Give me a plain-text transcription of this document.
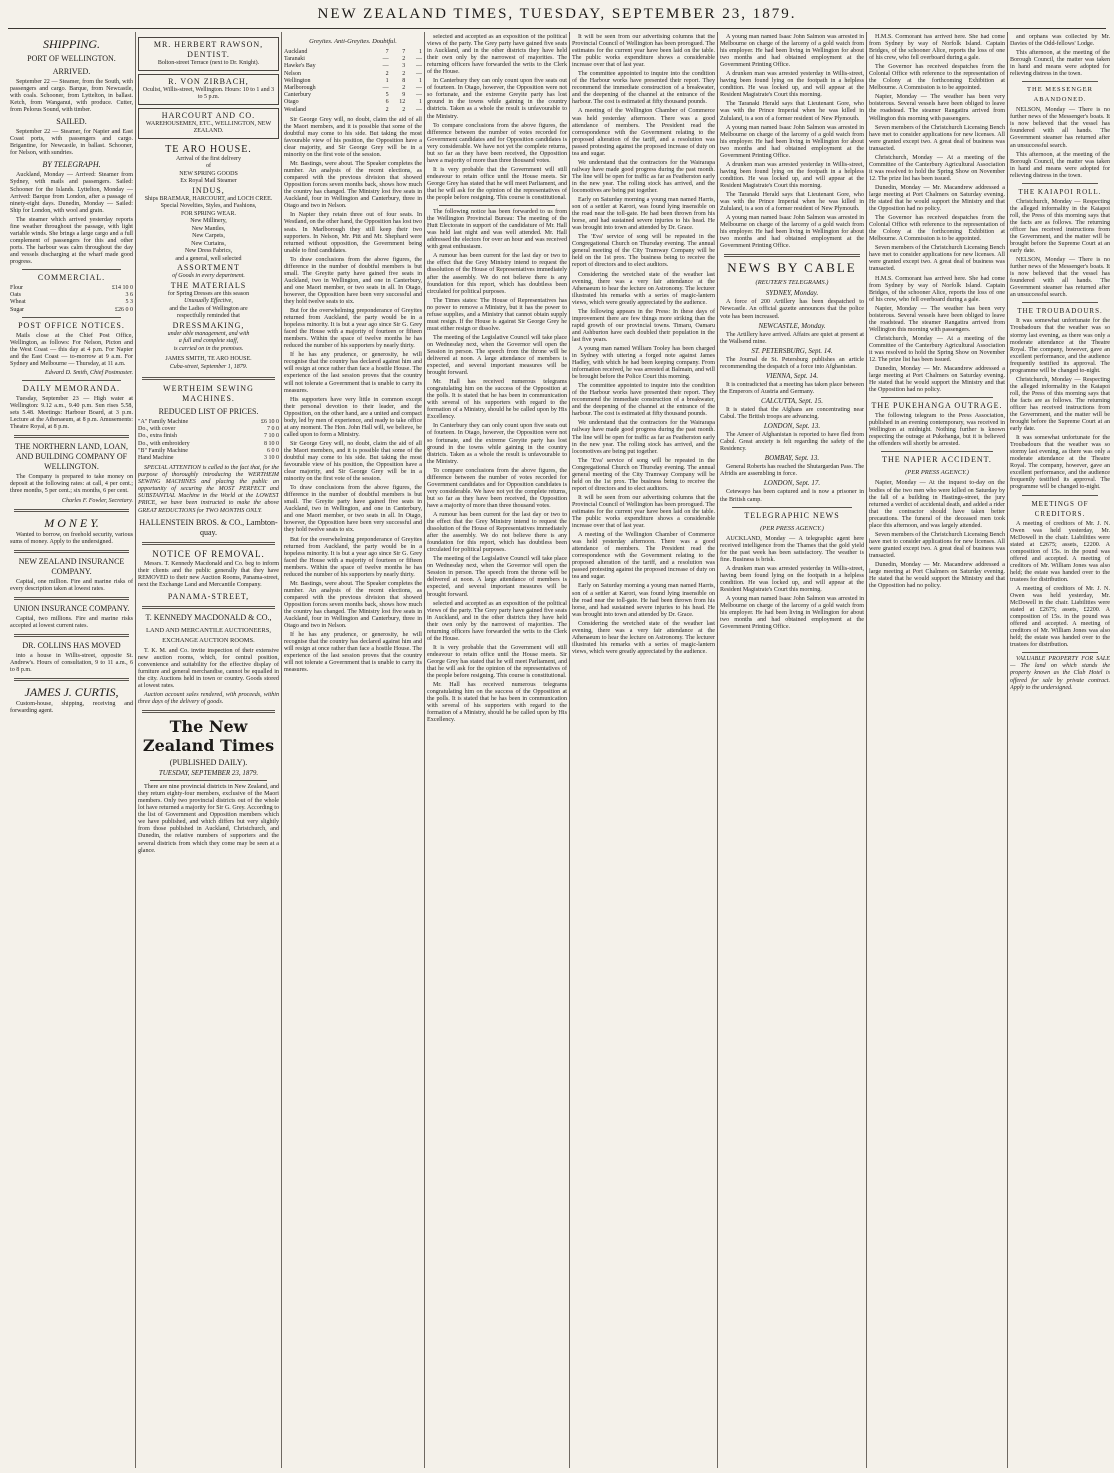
NEW ZEALAND TIMES, TUESDAY, SEPTEMBER 23, 1879.
SHIPPING.
PORT OF WELLINGTON.
ARRIVED.

September 22 — Steamer, from the South, with passengers and cargo. Barque, from Newcastle, with coals. Schooner, from Lyttelton, in ballast. Ketch, from Wanganui, with produce. Cutter, from Pelorus Sound, with timber.

SAILED.

September 22 — Steamer, for Napier and East Coast ports, with passengers and cargo. Brigantine, for Newcastle, in ballast. Schooner, for Nelson, with sundries.

BY TELEGRAPH.

Auckland, Monday — Arrived: Steamer from Sydney, with mails and passengers. Sailed: Schooner for the Islands. Lyttelton, Monday — Arrived: Barque from London, after a passage of ninety-eight days. Dunedin, Monday — Sailed: Ship for London, with wool and grain.

The steamer which arrived yesterday reports fine weather throughout the passage, with light variable winds. She brings a large cargo and a full complement of passengers for this and other ports. The harbour was calm throughout the day and vessels discharging at the wharf made good progress.

COMMERCIAL.
Flour	£14 10 0
Oats	3 6
Wheat	5 3
Sugar	£26 0 0
POST OFFICE NOTICES.

Mails close at the Chief Post Office, Wellington, as follows: For Nelson, Picton and the West Coast — this day at 4 p.m. For Napier and the East Coast — to-morrow at 9 a.m. For Sydney and Melbourne — Thursday, at 11 a.m.

Edward D. Smith, Chief Postmaster.
DAILY MEMORANDA.

Tuesday, September 23 — High water at Wellington: 9.12 a.m., 9.40 p.m. Sun rises 5.58, sets 5.48. Meetings: Harbour Board, at 3 p.m. Lecture at the Athenaeum, at 8 p.m. Amusements: Theatre Royal, at 8 p.m.

THE NORTHERN LAND, LOAN, AND BUILDING COMPANY OF WELLINGTON.

The Company is prepared to take money on deposit at the following rates: at call, 4 per cent.; three months, 5 per cent.; six months, 6 per cent.

Charles F. Fowler, Secretary.
M O N E Y.

Wanted to borrow, on freehold security, various sums of money. Apply to the undersigned.

NEW ZEALAND INSURANCE COMPANY.

Capital, one million. Fire and marine risks of every description taken at lowest rates.

UNION INSURANCE COMPANY.

Capital, two millions. Fire and marine risks accepted at lowest current rates.

DR. COLLINS HAS MOVED

into a house in Willis-street, opposite St. Andrew's. Hours of consultation, 9 to 11 a.m., 6 to 8 p.m.

JAMES J. CURTIS,

Custom-house, shipping, receiving and forwarding agent.

MR. HERBERT RAWSON, DENTIST.
Bolton-street Terrace (next to Dr. Knight).
R. VON ZIRBACH,
Oculist, Willis-street, Wellington. Hours: 10 to 1 and 3 to 5 p.m.
HARCOURT AND CO.
WAREHOUSEMEN, ETC., WELLINGTON, NEW ZEALAND.
TE ARO HOUSE.
Arrival of the first delivery
of
NEW SPRING GOODS
Ex Royal Mail Steamer
INDUS,
Ships BRAEMAR, HARCOURT, and LOCH CREE.
Special Novelties, Styles, and Fashions,
FOR SPRING WEAR.
New Millinery,
New Mantles,
New Carpets,
New Curtains,
New Dress Fabrics,
and a general, well selected
ASSORTMENT
of Goods in every department.
THE MATERIALS
for Spring Dresses are this season
Unusually Effective,
and the Ladies of Wellington are
respectfully reminded that
DRESSMAKING,
under able management, and with
a full and complete staff,
is carried on in the premises.
JAMES SMITH, TE ARO HOUSE.
Cuba-street, September 1, 1879.
WERTHEIM SEWING MACHINES.
REDUCED LIST OF PRICES.
"A" Family Machine	£6 10 0
Do., with cover	7 0 0
Do., extra finish	7 10 0
Do., with embroidery	8 10 0
"B" Family Machine	6 0 0
Hand Machine	3 10 0

SPECIAL ATTENTION is called to the fact that, for the purpose of thoroughly introducing the WERTHEIM SEWING MACHINES and placing the public an opportunity of securing the MOST PERFECT and SUBSTANTIAL Machine in the World at the LOWEST PRICE, we have been instructed to make the above GREAT REDUCTIONS for TWO MONTHS ONLY.

HALLENSTEIN BROS. & CO., Lambton-quay.
NOTICE OF REMOVAL.

Messrs. T. Kennedy Macdonald and Co. beg to inform their clients and the public generally that they have REMOVED to their new Auction Rooms, Panama-street, next the Exchange Land and Mercantile Company.

PANAMA-STREET,
T. KENNEDY MACDONALD & CO.,
LAND AND MERCANTILE AUCTIONEERS, EXCHANGE AUCTION ROOMS.

T. K. M. and Co. invite inspection of their extensive new auction rooms, which, for central position, convenience and suitability for the effective display of furniture and general merchandise, cannot be equalled in the city. Auctions held in town or country. Goods stored at lowest rates.

Auction account sales rendered, with proceeds, within three days of the delivery of goods.

The New Zealand Times
(PUBLISHED DAILY).
TUESDAY, SEPTEMBER 23, 1879.

There are nine provincial districts in New Zealand, and they return eighty-four members, exclusive of the Maori members. Only two provincial districts out of the whole lot have returned a majority for Sir G. Grey. According to the list of Government and Opposition members which we have published, and which differs but very slightly from those published in Auckland, Christchurch, and Dunedin, the relative numbers of supporters and the several districts from which they come may be seen at a glance.

Greyites. Anti-Greyites. Doubtful.
Auckland	7	7	1
Taranaki	—	2	—
Hawke's Bay	—	3	—
Nelson	2	2	—
Wellington	1	8	1
Marlborough	—	2	—
Canterbury	5	9	—
Otago	6	12	1
Westland	2	2	—

Sir George Grey will, no doubt, claim the aid of all the Maori members, and it is possible that some of the doubtful may come to his side. But taking the most favourable view of his position, the Opposition have a clear majority, and Sir George Grey will be in a minority on the first vote of the session.

Mr. Bastings, were about. The Speaker completes the number. An analysis of the recent elections, as compared with the previous division that showed Opposition forces seven months back, shows how much the country has changed. The Ministry lost five seats in Auckland, four in Wellington and Canterbury, three in Otago and two in Nelson.

In Napier they retain three out of four seats. In Westland, on the other hand, the Opposition has lost two seats. In Marlborough they still keep their two supporters. In Nelson, Mr. Pitt and Mr. Shephard were returned without opposition, the Government being unable to find candidates.

To draw conclusions from the above figures, the difference in the number of doubtful members is but small. The Greyite party have gained five seats in Auckland, two in Wellington, and one in Canterbury, and one Maori member, or two seats in all. In Otago, however, the Opposition have been very successful and they hold twelve seats to six.

But for the overwhelming preponderance of Greyites returned from Auckland, the party would be in a hopeless minority. It is but a year ago since Sir G. Grey faced the House with a majority of fourteen or fifteen members. Within the space of twelve months he has reduced the number of his supporters by nearly thirty.

If he has any prudence, or generosity, he will recognise that the country has declared against him and will resign at once rather than face a hostile House. The experience of the last session proves that the country will not tolerate a Government that is unable to carry its measures.

His supporters have very little in common except their personal devotion to their leader, and the Opposition, on the other hand, are a united and compact body, led by men of experience, and ready to take office at any moment. The Hon. John Hall will, we believe, be called upon to form a Ministry.

Sir George Grey will, no doubt, claim the aid of all the Maori members, and it is possible that some of the doubtful may come to his side. But taking the most favourable view of his position, the Opposition have a clear majority, and Sir George Grey will be in a minority on the first vote of the session.

To draw conclusions from the above figures, the difference in the number of doubtful members is but small. The Greyite party have gained five seats in Auckland, two in Wellington, and one in Canterbury, and one Maori member, or two seats in all. In Otago, however, the Opposition have been very successful and they hold twelve seats to six.

But for the overwhelming preponderance of Greyites returned from Auckland, the party would be in a hopeless minority. It is but a year ago since Sir G. Grey faced the House with a majority of fourteen or fifteen members. Within the space of twelve months he has reduced the number of his supporters by nearly thirty.

Mr. Bastings, were about. The Speaker completes the number. An analysis of the recent elections, as compared with the previous division that showed Opposition forces seven months back, shows how much the country has changed. The Ministry lost five seats in Auckland, four in Wellington and Canterbury, three in Otago and two in Nelson.

If he has any prudence, or generosity, he will recognise that the country has declared against him and will resign at once rather than face a hostile House. The experience of the last session proves that the country will not tolerate a Government that is unable to carry its measures.

selected and accepted as an exposition of the political views of the party. The Grey party have gained five seats in Auckland, and in the other districts they have held their own only by the narrowest of majorities. The returning officers have forwarded the writs to the Clerk of the House.

In Canterbury they can only count upon five seats out of fourteen. In Otago, however, the Opposition were not so fortunate, and the extreme Greyite party has lost ground in the towns while gaining in the country districts. Taken as a whole the result is unfavourable to the Ministry.

To compare conclusions from the above figures, the difference between the number of votes recorded for Government candidates and for Opposition candidates is very considerable. We have not yet the complete returns, but so far as they have been received, the Opposition have a majority of more than three thousand votes.

It is very probable that the Government will still endeavour to retain office until the House meets. Sir George Grey has stated that he will meet Parliament, and that he will ask for the opinion of the representatives of the people before resigning. This course is constitutional.

The following notice has been forwarded to us from the Wellington Provincial Bureau: The meeting of the Hutt Electorate in support of the candidature of Mr. Hall was held last night and was well attended. Mr. Hall addressed the electors for over an hour and was received with great enthusiasm.

A rumour has been current for the last day or two to the effect that the Grey Ministry intend to request the dissolution of the House of Representatives immediately after the assembly. We do not believe there is any foundation for this report, which has doubtless been circulated for political purposes.

The Times states: The House of Representatives has no power to remove a Ministry, but it has the power to refuse supplies, and a Ministry that cannot obtain supply must resign. If the House is against Sir George Grey he must either resign or dissolve.

The meeting of the Legislative Council will take place on Wednesday next, when the Governor will open the Session in person. The speech from the throne will be delivered at noon. A large attendance of members is expected, and several important measures will be brought forward.

Mr. Hall has received numerous telegrams congratulating him on the success of the Opposition at the polls. It is stated that he has been in communication with several of his supporters with regard to the formation of a Ministry, should he be called upon by His Excellency.

In Canterbury they can only count upon five seats out of fourteen. In Otago, however, the Opposition were not so fortunate, and the extreme Greyite party has lost ground in the towns while gaining in the country districts. Taken as a whole the result is unfavourable to the Ministry.

To compare conclusions from the above figures, the difference between the number of votes recorded for Government candidates and for Opposition candidates is very considerable. We have not yet the complete returns, but so far as they have been received, the Opposition have a majority of more than three thousand votes.

A rumour has been current for the last day or two to the effect that the Grey Ministry intend to request the dissolution of the House of Representatives immediately after the assembly. We do not believe there is any foundation for this report, which has doubtless been circulated for political purposes.

The meeting of the Legislative Council will take place on Wednesday next, when the Governor will open the Session in person. The speech from the throne will be delivered at noon. A large attendance of members is expected, and several important measures will be brought forward.

selected and accepted as an exposition of the political views of the party. The Grey party have gained five seats in Auckland, and in the other districts they have held their own only by the narrowest of majorities. The returning officers have forwarded the writs to the Clerk of the House.

It is very probable that the Government will still endeavour to retain office until the House meets. Sir George Grey has stated that he will meet Parliament, and that he will ask for the opinion of the representatives of the people before resigning. This course is constitutional.

Mr. Hall has received numerous telegrams congratulating him on the success of the Opposition at the polls. It is stated that he has been in communication with several of his supporters with regard to the formation of a Ministry, should he be called upon by His Excellency.

It will be seen from our advertising columns that the Provincial Council of Wellington has been prorogued. The estimates for the current year have been laid on the table. The public works expenditure shows a considerable increase over that of last year.

The committee appointed to inquire into the condition of the Harbour works have presented their report. They recommend the immediate construction of a breakwater, and the deepening of the channel at the entrance of the harbour. The cost is estimated at fifty thousand pounds.

A meeting of the Wellington Chamber of Commerce was held yesterday afternoon. There was a good attendance of members. The President read the correspondence with the Government relating to the proposed alteration of the tariff, and a resolution was passed protesting against the proposed increase of duty on tea and sugar.

We understand that the contractors for the Wairarapa railway have made good progress during the past month. The line will be open for traffic as far as Featherston early in the new year. The rolling stock has arrived, and the locomotives are being put together.

Early on Saturday morning a young man named Harris, son of a settler at Karori, was found lying insensible on the road near the toll-gate. He had been thrown from his horse, and had sustained severe injuries to his head. He was brought into town and attended by Dr. Grace.

The 'Eva' service of song will be repeated in the Congregational Church on Thursday evening. The annual general meeting of the City Tramway Company will be held on the 1st prox. The business being to receive the report of directors and to elect auditors.

Considering the wretched state of the weather last evening, there was a very fair attendance at the Athenaeum to hear the lecture on Astronomy. The lecturer illustrated his remarks with a series of magic-lantern views, which were greatly appreciated by the audience.

The following appears in the Press: In these days of improvement there are few things more striking than the rapid growth of our provincial towns. Timaru, Oamaru and Ashburton have each doubled their population in the last five years.

A young man named William Tooley has been charged in Sydney with uttering a forged note against James Hadley, with which he had been keeping company. From information received, he was arrested at Balmain, and will be brought before the Police Court this morning.

The committee appointed to inquire into the condition of the Harbour works have presented their report. They recommend the immediate construction of a breakwater, and the deepening of the channel at the entrance of the harbour. The cost is estimated at fifty thousand pounds.

We understand that the contractors for the Wairarapa railway have made good progress during the past month. The line will be open for traffic as far as Featherston early in the new year. The rolling stock has arrived, and the locomotives are being put together.

The 'Eva' service of song will be repeated in the Congregational Church on Thursday evening. The annual general meeting of the City Tramway Company will be held on the 1st prox. The business being to receive the report of directors and to elect auditors.

It will be seen from our advertising columns that the Provincial Council of Wellington has been prorogued. The estimates for the current year have been laid on the table. The public works expenditure shows a considerable increase over that of last year.

A meeting of the Wellington Chamber of Commerce was held yesterday afternoon. There was a good attendance of members. The President read the correspondence with the Government relating to the proposed alteration of the tariff, and a resolution was passed protesting against the proposed increase of duty on tea and sugar.

Early on Saturday morning a young man named Harris, son of a settler at Karori, was found lying insensible on the road near the toll-gate. He had been thrown from his horse, and had sustained severe injuries to his head. He was brought into town and attended by Dr. Grace.

Considering the wretched state of the weather last evening, there was a very fair attendance at the Athenaeum to hear the lecture on Astronomy. The lecturer illustrated his remarks with a series of magic-lantern views, which were greatly appreciated by the audience.

A young man named Isaac John Salmon was arrested in Melbourne on charge of the larceny of a gold watch from his employer. He had been living in Wellington for about two months and had obtained employment at the Government Printing Office.

A drunken man was arrested yesterday in Willis-street, having been found lying on the footpath in a helpless condition. He was locked up, and will appear at the Resident Magistrate's Court this morning.

The Taranaki Herald says that Lieutenant Gore, who was with the Prince Imperial when he was killed in Zululand, is a son of a former resident of New Plymouth.

A young man named Isaac John Salmon was arrested in Melbourne on charge of the larceny of a gold watch from his employer. He had been living in Wellington for about two months and had obtained employment at the Government Printing Office.

A drunken man was arrested yesterday in Willis-street, having been found lying on the footpath in a helpless condition. He was locked up, and will appear at the Resident Magistrate's Court this morning.

The Taranaki Herald says that Lieutenant Gore, who was with the Prince Imperial when he was killed in Zululand, is a son of a former resident of New Plymouth.

A young man named Isaac John Salmon was arrested in Melbourne on charge of the larceny of a gold watch from his employer. He had been living in Wellington for about two months and had obtained employment at the Government Printing Office.

NEWS BY CABLE
(REUTER'S TELEGRAMS.)
SYDNEY, Monday.

A force of 200 Artillery has been despatched to Newcastle. An official gazette announces that the police vote has been increased.

NEWCASTLE, Monday.

The Artillery have arrived. Affairs are quiet at present at the Wallsend mine.

ST. PETERSBURG, Sept. 14.

The Journal de St. Petersburg publishes an article recommending the despatch of a force into Afghanistan.

VIENNA, Sept. 14.

It is contradicted that a meeting has taken place between the Emperors of Austria and Germany.

CALCUTTA, Sept. 15.

It is stated that the Afghans are concentrating near Cabul. The British troops are advancing.

LONDON, Sept. 13.

The Ameer of Afghanistan is reported to have fled from Cabul. Great anxiety is felt regarding the safety of the Residency.

BOMBAY, Sept. 13.

General Roberts has reached the Shutargardan Pass. The Afridis are assembling in force.

LONDON, Sept. 17.

Cetewayo has been captured and is now a prisoner in the British camp.

TELEGRAPHIC NEWS
(PER PRESS AGENCY.)

AUCKLAND, Monday — A telegraphic agent here received intelligence from the Thames that the gold yield for the past week has been satisfactory. The weather is fine. Business is brisk.

A drunken man was arrested yesterday in Willis-street, having been found lying on the footpath in a helpless condition. He was locked up, and will appear at the Resident Magistrate's Court this morning.

A young man named Isaac John Salmon was arrested in Melbourne on charge of the larceny of a gold watch from his employer. He had been living in Wellington for about two months and had obtained employment at the Government Printing Office.

H.M.S. Cormorant has arrived here. She had come from Sydney by way of Norfolk Island. Captain Bridges, of the schooner Alice, reports the loss of one of his crew, who fell overboard during a gale.

The Governor has received despatches from the Colonial Office with reference to the representation of the Colony at the forthcoming Exhibition at Melbourne. A Commission is to be appointed.

Napier, Monday — The weather has been very boisterous. Several vessels have been obliged to leave the roadstead. The steamer Rangatira arrived from Wellington this morning with passengers.

Seven members of the Christchurch Licensing Bench have met to consider applications for new licenses. All were granted except two. A great deal of business was transacted.

Christchurch, Monday — At a meeting of the Committee of the Canterbury Agricultural Association it was resolved to hold the Spring Show on November 12. The prize list has been issued.

Dunedin, Monday — Mr. Macandrew addressed a large meeting at Port Chalmers on Saturday evening. He stated that he would support the Ministry and that the Opposition had no policy.

The Governor has received despatches from the Colonial Office with reference to the representation of the Colony at the forthcoming Exhibition at Melbourne. A Commission is to be appointed.

Seven members of the Christchurch Licensing Bench have met to consider applications for new licenses. All were granted except two. A great deal of business was transacted.

H.M.S. Cormorant has arrived here. She had come from Sydney by way of Norfolk Island. Captain Bridges, of the schooner Alice, reports the loss of one of his crew, who fell overboard during a gale.

Napier, Monday — The weather has been very boisterous. Several vessels have been obliged to leave the roadstead. The steamer Rangatira arrived from Wellington this morning with passengers.

Christchurch, Monday — At a meeting of the Committee of the Canterbury Agricultural Association it was resolved to hold the Spring Show on November 12. The prize list has been issued.

Dunedin, Monday — Mr. Macandrew addressed a large meeting at Port Chalmers on Saturday evening. He stated that he would support the Ministry and that the Opposition had no policy.

THE PUKEHANGA OUTRAGE.

The following telegram to the Press Association, published in an evening contemporary, was received in Wellington at midnight. Nothing further is known respecting the outrage at Pukehanga, but it is believed the offenders will shortly be arrested.

THE NAPIER ACCIDENT.
(PER PRESS AGENCY.)

Napier, Monday — At the inquest to-day on the bodies of the two men who were killed on Saturday by the fall of a building in Hastings-street, the jury returned a verdict of accidental death, and added a rider that the contractor should have taken better precautions. The funeral of the deceased men took place this afternoon, and was largely attended.

Seven members of the Christchurch Licensing Bench have met to consider applications for new licenses. All were granted except two. A great deal of business was transacted.

Dunedin, Monday — Mr. Macandrew addressed a large meeting at Port Chalmers on Saturday evening. He stated that he would support the Ministry and that the Opposition had no policy.

and orphans was collected by Mr. Davies of the Odd-fellows' Lodge.

This afternoon, at the meeting of the Borough Council, the matter was taken in hand and means were adopted for relieving distress in the town.

THE MESSENGER ABANDONED.

NELSON, Monday — There is no further news of the Messenger's boats. It is now believed that the vessel has foundered with all hands. The Government steamer has returned after an unsuccessful search.

This afternoon, at the meeting of the Borough Council, the matter was taken in hand and means were adopted for relieving distress in the town.

THE KAIAPOI ROLL.

Christchurch, Monday — Respecting the alleged informality in the Kaiapoi roll, the Press of this morning says that the facts are as follows. The returning officer has received instructions from the Government, and the matter will be brought before the Supreme Court at an early date.

NELSON, Monday — There is no further news of the Messenger's boats. It is now believed that the vessel has foundered with all hands. The Government steamer has returned after an unsuccessful search.

THE TROUBADOURS.

It was somewhat unfortunate for the Troubadours that the weather was so stormy last evening, as there was only a moderate attendance at the Theatre Royal. The company, however, gave an excellent performance, and the audience frequently testified its approval. The programme will be changed to-night.

Christchurch, Monday — Respecting the alleged informality in the Kaiapoi roll, the Press of this morning says that the facts are as follows. The returning officer has received instructions from the Government, and the matter will be brought before the Supreme Court at an early date.

It was somewhat unfortunate for the Troubadours that the weather was so stormy last evening, as there was only a moderate attendance at the Theatre Royal. The company, however, gave an excellent performance, and the audience frequently testified its approval. The programme will be changed to-night.

MEETINGS OF CREDITORS.

A meeting of creditors of Mr. J. N. Owen was held yesterday, Mr. McDowell in the chair. Liabilities were stated at £2675; assets, £2200. A composition of 15s. in the pound was offered and accepted. A meeting of creditors of Mr. William Jones was also held; the estate was handed over to the trustees for distribution.

A meeting of creditors of Mr. J. N. Owen was held yesterday, Mr. McDowell in the chair. Liabilities were stated at £2675; assets, £2200. A composition of 15s. in the pound was offered and accepted. A meeting of creditors of Mr. William Jones was also held; the estate was handed over to the trustees for distribution.

VALUABLE PROPERTY FOR SALE — The land on which stands the property known as the Club Hotel is offered for sale by private contract. Apply to the undersigned.
